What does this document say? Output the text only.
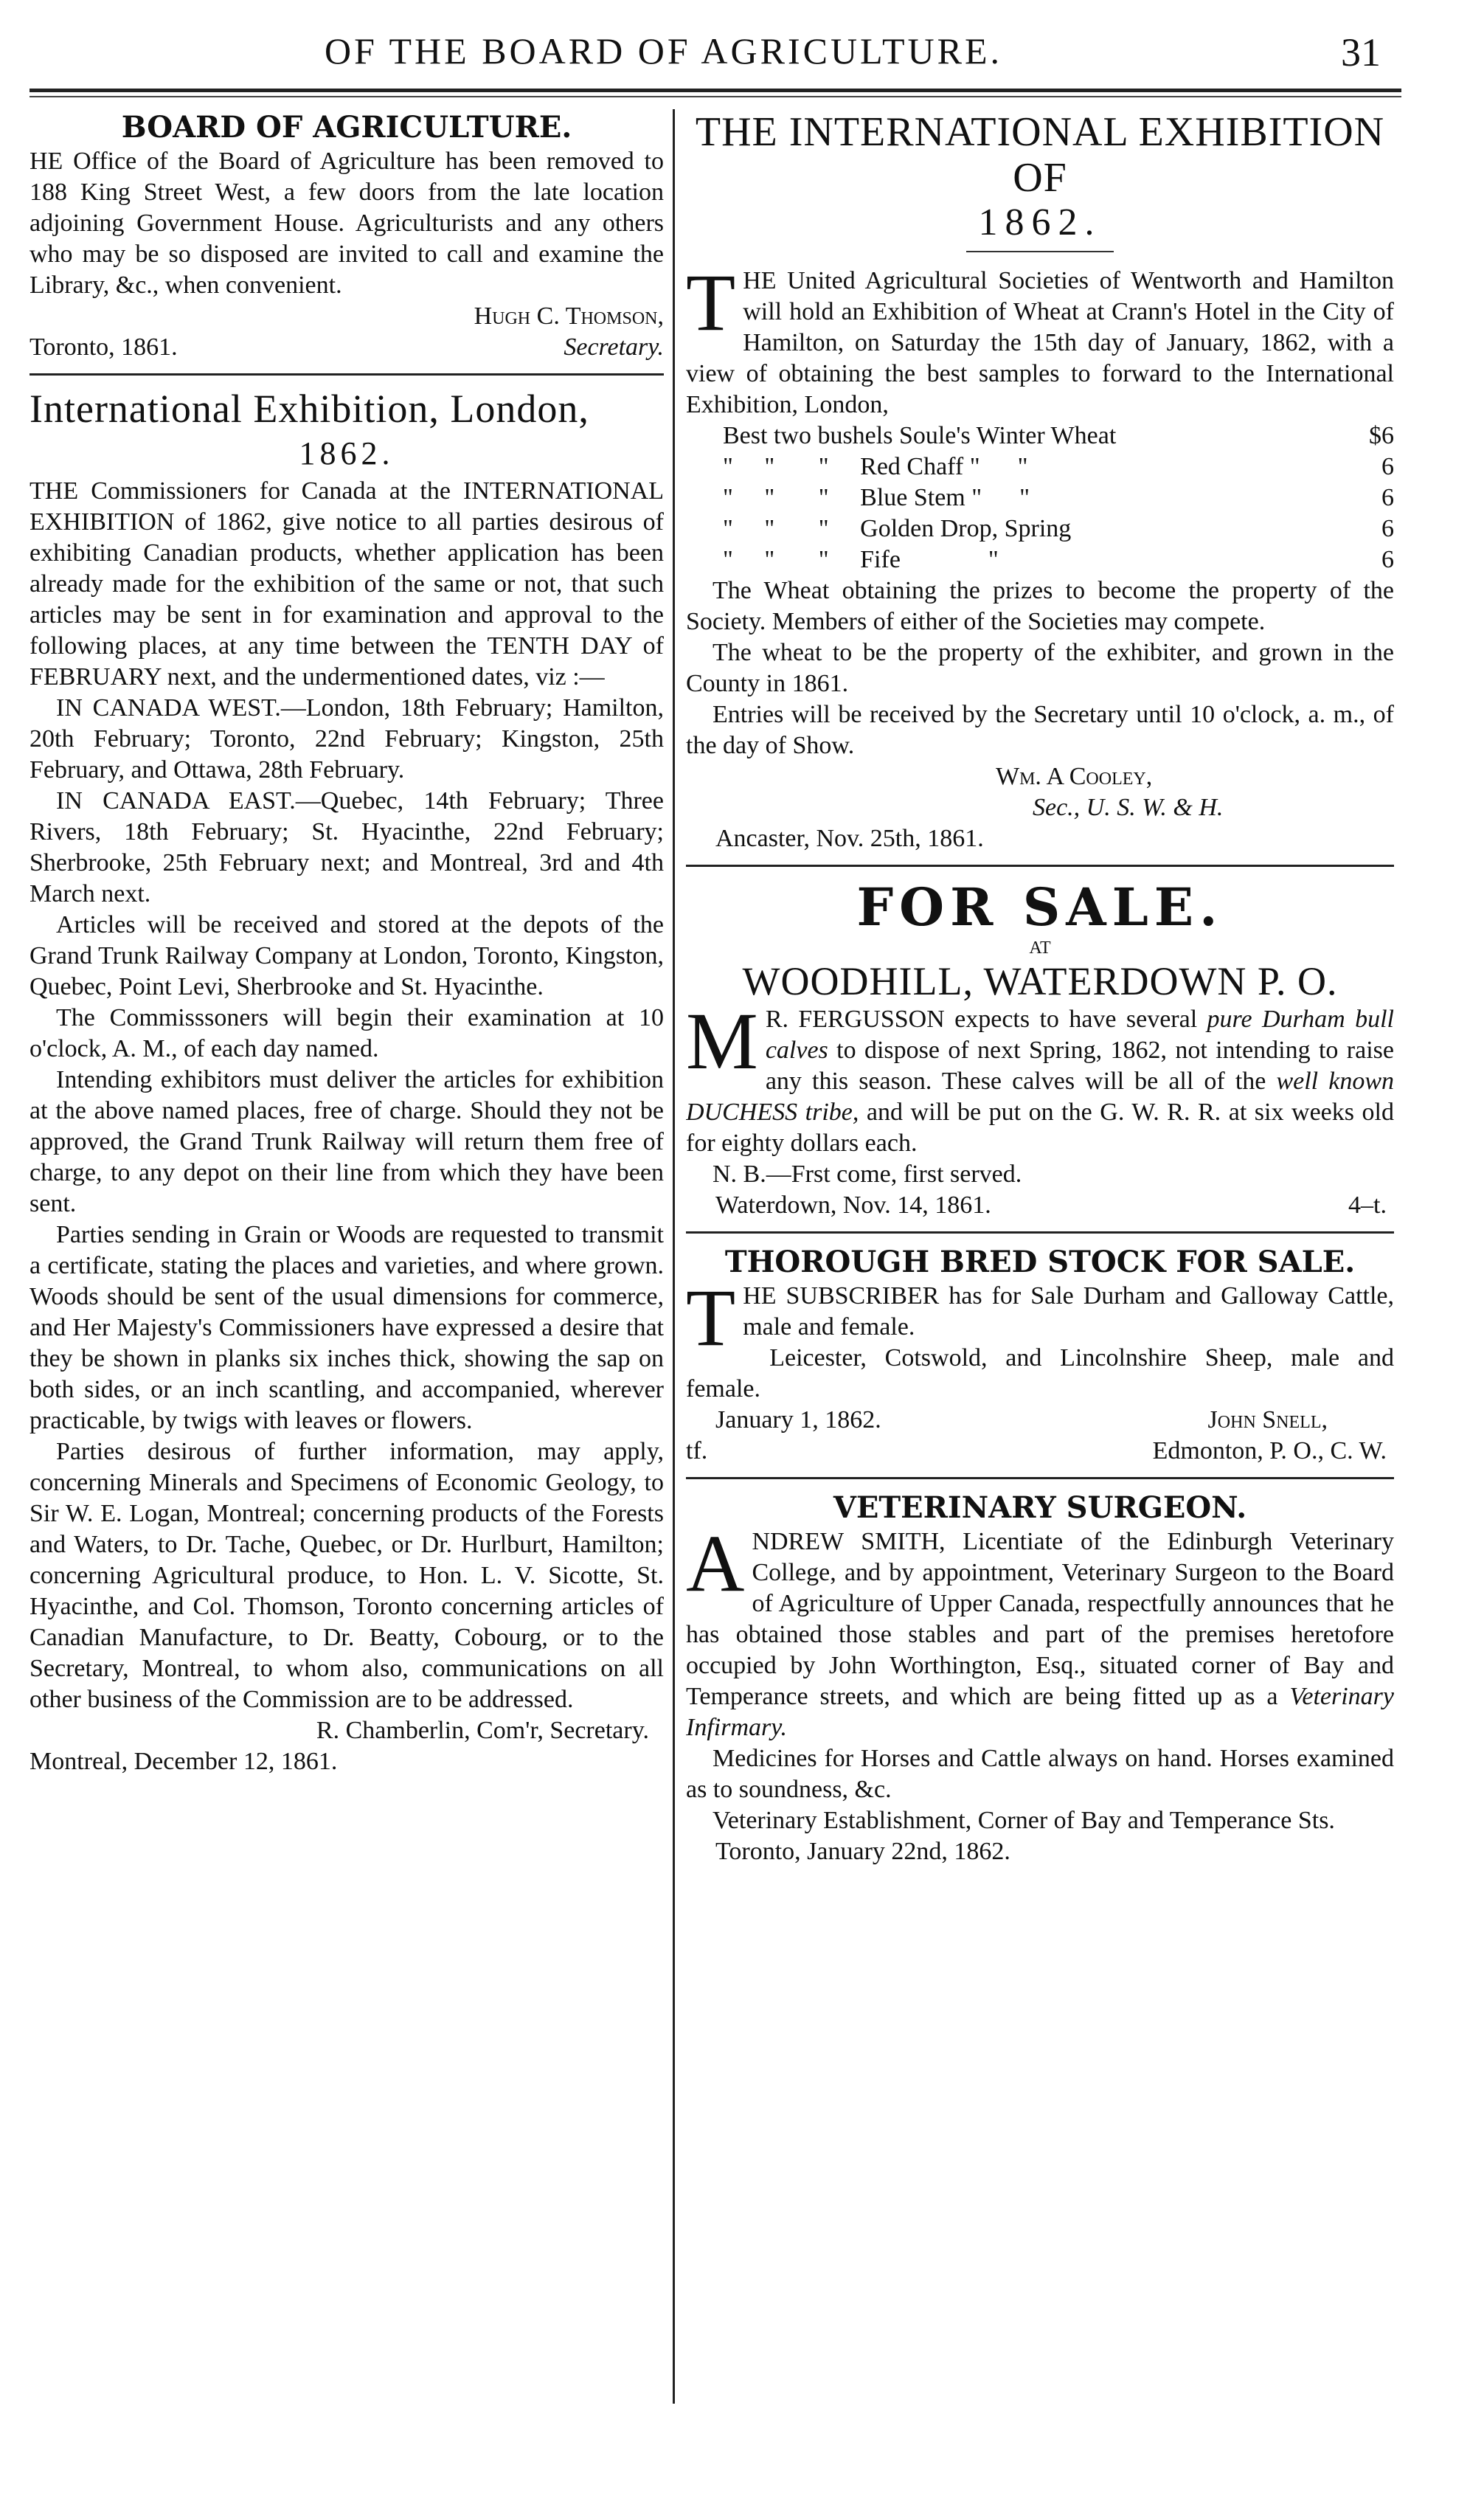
OF THE BOARD OF AGRICULTURE.	31

BOARD OF AGRICULTURE.

HE Office of the Board of Agriculture has been removed to 188 King Street West, a few doors from the late location adjoining Government House. Agriculturists and any others who may be so disposed are invited to call and examine the Library, &c., when convenient.

Hugh C. Thomson,

Toronto, 1861.	Secretary.

International Exhibition, London,

1862.

THE Commissioners for Canada at the INTERNATIONAL EXHIBITION of 1862, give notice to all parties desirous of exhibiting Canadian products, whether application has been already made for the exhibition of the same or not, that such articles may be sent in for examination and approval to the following places, at any time between the TENTH DAY of FEBRUARY next, and the undermentioned dates, viz :—

IN CANADA WEST.—London, 18th February; Hamilton, 20th February; Toronto, 22nd February; Kingston, 25th February, and Ottawa, 28th February.

IN CANADA EAST.—Quebec, 14th February; Three Rivers, 18th February; St. Hyacinthe, 22nd February; Sherbrooke, 25th February next; and Montreal, 3rd and 4th March next.

Articles will be received and stored at the depots of the Grand Trunk Railway Company at London, Toronto, Kingston, Quebec, Point Levi, Sherbrooke and St. Hyacinthe.

The Commisssoners will begin their examination at 10 o'clock, A. M., of each day named.

Intending exhibitors must deliver the articles for exhibition at the above named places, free of charge. Should they not be approved, the Grand Trunk Railway will return them free of charge, to any depot on their line from which they have been sent.

Parties sending in Grain or Woods are requested to transmit a certificate, stating the places and varieties, and where grown. Woods should be sent of the usual dimensions for commerce, and Her Majesty's Commissioners have expressed a desire that they be shown in planks six inches thick, showing the sap on both sides, or an inch scantling, and accompanied, wherever practicable, by twigs with leaves or flowers.

Parties desirous of further information, may apply, concerning Minerals and Specimens of Economic Geology, to Sir W. E. Logan, Montreal; concerning products of the Forests and Waters, to Dr. Tache, Quebec, or Dr. Hurlburt, Hamilton; concerning Agricultural produce, to Hon. L. V. Sicotte, St. Hyacinthe, and Col. Thomson, Toronto concerning articles of Canadian Manufacture, to Dr. Beatty, Cobourg, or to the Secretary, Montreal, to whom also, communications on all other business of the Commission are to be addressed.

R. Chamberlin, Com'r, Secretary.

Montreal, December 12, 1861.

THE INTERNATIONAL EXHIBITION OF

1862.

T HE United Agricultural Societies of Wentworth and Hamilton will hold an Exhibition of Wheat at Crann's Hotel in the City of Hamilton, on Saturday the 15th day of January, 1862, with a view of obtaining the best samples to forward to the International Exhibition, London,

Best two bushels Soule's Winter Wheat	$6
"     "       "     Red Chaff "      "	6
"     "       "     Blue Stem "      "	6
"     "       "     Golden Drop, Spring	6
"     "       "     Fife              "	6

The Wheat obtaining the prizes to become the property of the Society. Members of either of the Societies may compete.

The wheat to be the property of the exhibiter, and grown in the County in 1861.

Entries will be received by the Secretary until 10 o'clock, a. m., of the day of Show.

Wm. A Cooley,

Sec., U. S. W. & H.

Ancaster, Nov. 25th, 1861.

FOR SALE.

AT

WOODHILL, WATERDOWN P. O.

M R. FERGUSSON expects to have several pure Durham bull calves to dispose of next Spring, 1862, not intending to raise any this season. These calves will be all of the well known DUCHESS tribe, and will be put on the G. W. R. R. at six weeks old for eighty dollars each.

N. B.—Frst come, first served.

Waterdown, Nov. 14, 1861.	4–t.

THOROUGH BRED STOCK FOR SALE.

T HE SUBSCRIBER has for Sale Durham and Galloway Cattle, male and female.

Leicester, Cotswold, and Lincolnshire Sheep, male and female.

January 1, 1862.	John Snell,
tf.	Edmonton, P. O., C. W.

VETERINARY SURGEON.

A NDREW SMITH, Licentiate of the Edinburgh Veterinary College, and by appointment, Veterinary Surgeon to the Board of Agriculture of Upper Canada, respectfully announces that he has obtained those stables and part of the premises heretofore occupied by John Worthington, Esq., situated corner of Bay and Temperance streets, and which are being fitted up as a Veterinary Infirmary.

Medicines for Horses and Cattle always on hand. Horses examined as to soundness, &c.

Veterinary Establishment, Corner of Bay and Temperance Sts.

Toronto, January 22nd, 1862.
